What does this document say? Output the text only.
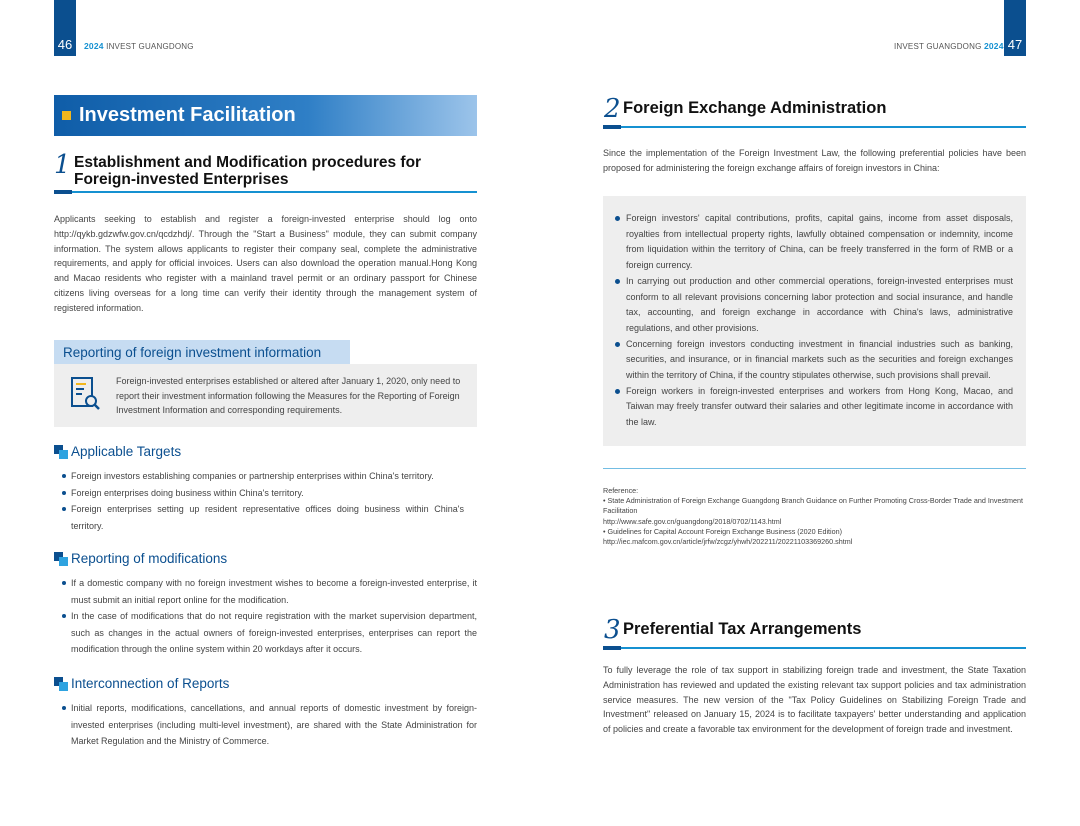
46	2024 INVEST GUANGDONG	INVEST GUANGDONG 2024 47
Investment Facilitation
1 Establishment and Modification procedures for
Foreign-invested Enterprises
Applicants seeking to establish and register a foreign-invested enterprise should log onto http://qykb.gdzwfw.gov.cn/qcdzhdj/. Through the "Start a Business" module, they can submit company information. The system allows applicants to register their company seal, complete the administrative requirements, and apply for official invoices. Users can also download the operation manual.Hong Kong and Macao residents who register with a mainland travel permit or an ordinary passport for Chinese citizens living overseas for a long time can verify their identity through the management system of registered information.
Reporting of foreign investment information
Foreign-invested enterprises established or altered after January 1, 2020, only need to report their investment information following the Measures for the Reporting of Foreign Investment Information and corresponding requirements.
Applicable Targets
Foreign investors establishing companies or partnership enterprises within China's territory.
Foreign enterprises doing business within China's territory.
Foreign enterprises setting up resident representative offices doing business within China's territory.
Reporting of modifications
If a domestic company with no foreign investment wishes to become a foreign-invested enterprise, it must submit an initial report online for the modification.
In the case of modifications that do not require registration with the market supervision department, such as changes in the actual owners of foreign-invested enterprises, enterprises can report the modification through the online system within 20 workdays after it occurs.
Interconnection of Reports
Initial reports, modifications, cancellations, and annual reports of domestic investment by foreign-invested enterprises (including multi-level investment), are shared with the State Administration for Market Regulation and the Ministry of Commerce.
2 Foreign Exchange Administration
Since the implementation of the Foreign Investment Law, the following preferential policies have been proposed for administering the foreign exchange affairs of foreign investors in China:
Foreign investors' capital contributions, profits, capital gains, income from asset disposals, royalties from intellectual property rights, lawfully obtained compensation or indemnity, income from liquidation within the territory of China, can be freely transferred in the form of RMB or a foreign currency.
In carrying out production and other commercial operations, foreign-invested enterprises must conform to all relevant provisions concerning labor protection and social insurance, and handle tax, accounting, and foreign exchange in accordance with China's laws, administrative regulations, and other provisions.
Concerning foreign investors conducting investment in financial industries such as banking, securities, and insurance, or in financial markets such as the securities and foreign exchanges within the territory of China, if the country stipulates otherwise, such provisions shall prevail.
Foreign workers in foreign-invested enterprises and workers from Hong Kong, Macao, and Taiwan may freely transfer outward their salaries and other legitimate income in accordance with the law.
Reference:
• State Administration of Foreign Exchange Guangdong Branch Guidance on Further Promoting Cross-Border Trade and Investment Facilitation
http://www.safe.gov.cn/guangdong/2018/0702/1143.html
• Guidelines for Capital Account Foreign Exchange Business (2020 Edition)
http://iec.mafcom.gov.cn/article/jrfw/zcgz/yhwh/202211/20221103369260.shtml
3 Preferential Tax Arrangements
To fully leverage the role of tax support in stabilizing foreign trade and investment, the State Taxation Administration has reviewed and updated the existing relevant tax support policies and tax administration service measures. The new version of the "Tax Policy Guidelines on Stabilizing Foreign Trade and Investment" released on January 15, 2024 is to facilitate taxpayers' better understanding and application of policies and create a favorable tax environment for the development of foreign trade and investment.
